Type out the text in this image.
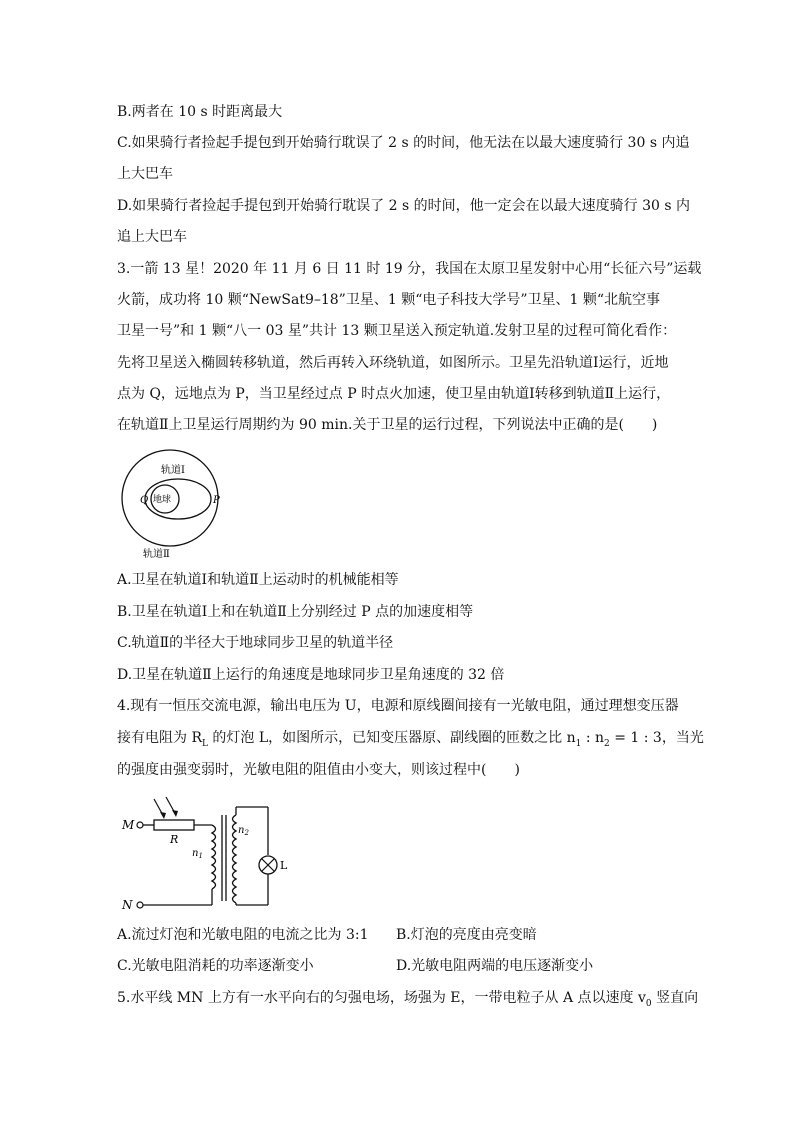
B.两者在 10 s 时距离最大
C.如果骑行者捡起手提包到开始骑行耽误了 2 s 的时间，他无法在以最大速度骑行 30 s 内追
上大巴车
D.如果骑行者捡起手提包到开始骑行耽误了 2 s 的时间，他一定会在以最大速度骑行 30 s 内
追上大巴车
3.一箭 13 星！2020 年 11 月 6 日 11 时 19 分，我国在太原卫星发射中心用“长征六号”运载
火箭，成功将 10 颗“NewSat9–18”卫星、1 颗“电子科技大学号”卫星、1 颗“北航空事
卫星一号”和 1 颗“八一 03 星”共计 13 颗卫星送入预定轨道.发射卫星的过程可简化看作：
先将卫星送入椭圆转移轨道，然后再转入环绕轨道，如图所示。卫星先沿轨道Ⅰ运行，近地
点为 Q，远地点为 P，当卫星经过点 P 时点火加速，使卫星由轨道Ⅰ转移到轨道Ⅱ上运行，
在轨道Ⅱ上卫星运行周期约为 90 min.关于卫星的运行过程，下列说法中正确的是(　　)
轨道Ⅰ
地球
Q	P
轨道Ⅱ
A.卫星在轨道Ⅰ和轨道Ⅱ上运动时的机械能相等
B.卫星在轨道Ⅰ上和在轨道Ⅱ上分别经过 P 点的加速度相等
C.轨道Ⅱ的半径大于地球同步卫星的轨道半径
D.卫星在轨道Ⅱ上运行的角速度是地球同步卫星角速度的 32 倍
4.现有一恒压交流电源，输出电压为 U，电源和原线圈间接有一光敏电阻，通过理想变压器
接有电阻为 $R_L$ 的灯泡 L，如图所示，已知变压器原、副线圈的匝数之比 $n_1$ : $n_2 = 1$ : 3，当光
的强度由强变弱时，光敏电阻的阻值由小变大，则该过程中(　　)
M
R
N
$n_1$
L
$n_2$
A.流过灯泡和光敏电阻的电流之比为 3:1 B.灯泡的亮度由亮变暗
C.光敏电阻消耗的功率逐渐变小	D.光敏电阻两端的电压逐渐变小
5.水平线 MN 上方有一水平向右的匀强电场，场强为 E，一带电粒子从 A 点以速度 $v_0$ 竖直向
